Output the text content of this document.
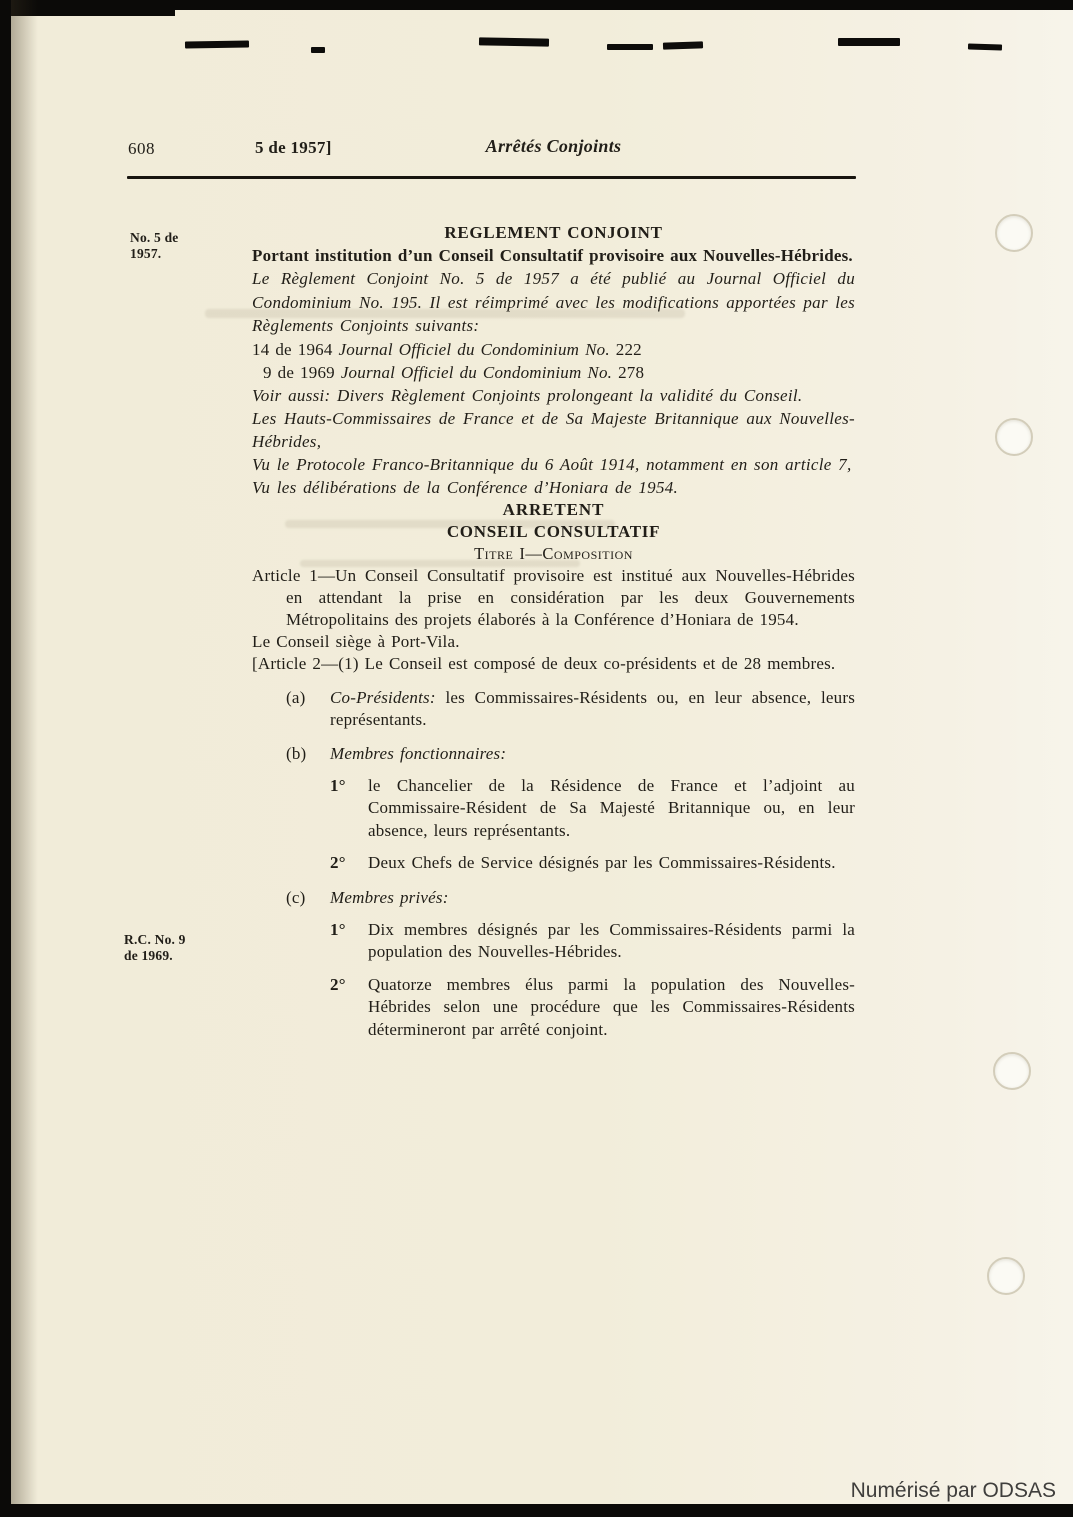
608	5 de 1957]	Arrêtés Conjoints
No. 5 de
1957.
R.C. No. 9
de 1969.
REGLEMENT CONJOINT
Portant institution d’un Conseil Consultatif provisoire aux Nouvelles-Hébrides.
Le Règlement Conjoint No. 5 de 1957 a été publié au Journal Officiel du Condominium No. 195. Il est réimprimé avec les modifications apportées par les Règlements Conjoints suivants:
14 de 1964 Journal Officiel du Condominium No. 222
9 de 1969 Journal Officiel du Condominium No. 278
Voir aussi: Divers Règlement Conjoints prolongeant la validité du Conseil.
Les Hauts-Commissaires de France et de Sa Majeste Britannique aux Nouvelles-Hébrides,
Vu le Protocole Franco-Britannique du 6 Août 1914, notamment en son article 7,
Vu les délibérations de la Conférence d’Honiara de 1954.
ARRETENT
CONSEIL CONSULTATIF
Titre I—Composition
Article 1—Un Conseil Consultatif provisoire est institué aux Nouvelles-Hébrides en attendant la prise en considération par les deux Gouvernements Métropolitains des projets élaborés à la Conférence d’Honiara de 1954.
Le Conseil siège à Port-Vila.
[Article 2—(1) Le Conseil est composé de deux co-présidents et de 28 membres.
(a)	Co-Présidents: les Commissaires-Résidents ou, en leur absence, leurs représentants.
(b)	Membres fonctionnaires:
1°	le Chancelier de la Résidence de France et l’adjoint au Commissaire-Résident de Sa Majesté Britannique ou, en leur absence, leurs représentants.
2°	Deux Chefs de Service désignés par les Commissaires-Résidents.
(c)	Membres privés:
1°	Dix membres désignés par les Commissaires-Résidents parmi la population des Nouvelles-Hébrides.
2°	Quatorze membres élus parmi la population des Nouvelles-Hébrides selon une procédure que les Commissaires-Résidents détermineront par arrêté conjoint.
Numérisé par ODSAS
